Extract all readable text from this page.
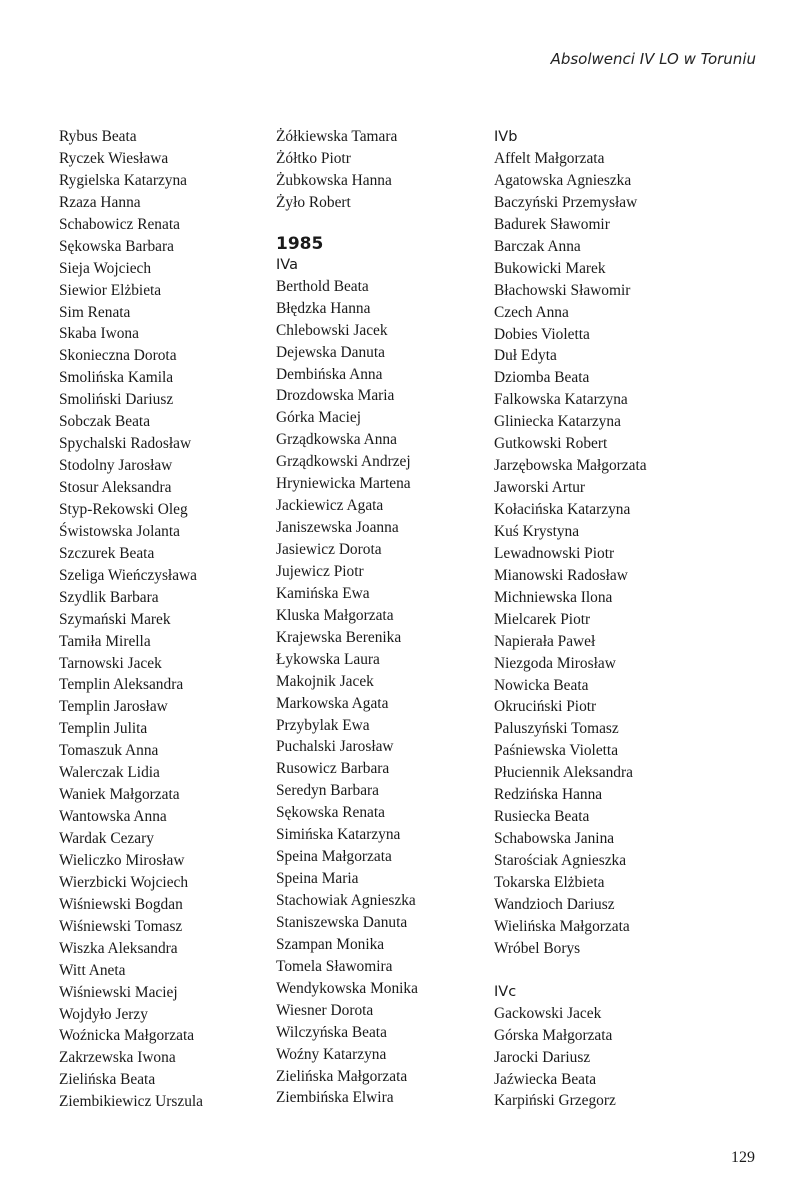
Absolwenci IV LO w Toruniu
Rybus Beata
Ryczek Wiesława
Rygielska Katarzyna
Rzaza Hanna
Schabowicz Renata
Sękowska Barbara
Sieja Wojciech
Siewior Elżbieta
Sim Renata
Skaba Iwona
Skonieczna Dorota
Smolińska Kamila
Smoliński Dariusz
Sobczak Beata
Spychalski Radosław
Stodolny Jarosław
Stosur Aleksandra
Styp-Rekowski Oleg
Świstowska Jolanta
Szczurek Beata
Szeliga Wieńczysława
Szydlik Barbara
Szymański Marek
Tamiła Mirella
Tarnowski Jacek
Templin Aleksandra
Templin Jarosław
Templin Julita
Tomaszuk Anna
Walerczak Lidia
Waniek Małgorzata
Wantowska Anna
Wardak Cezary
Wieliczko Mirosław
Wierzbicki Wojciech
Wiśniewski Bogdan
Wiśniewski Tomasz
Wiszka Aleksandra
Witt Aneta
Wiśniewski Maciej
Wojdyło Jerzy
Woźnicka Małgorzata
Zakrzewska Iwona
Zielińska Beata
Ziembikiewicz Urszula
Żółkiewska Tamara
Żółtko Piotr
Żubkowska Hanna
Żyło Robert
1985
IVa
Berthold Beata
Błędzka Hanna
Chlebowski Jacek
Dejewska Danuta
Dembińska Anna
Drozdowska Maria
Górka Maciej
Grządkowska Anna
Grządkowski Andrzej
Hryniewicka Martena
Jackiewicz Agata
Janiszewska Joanna
Jasiewicz Dorota
Jujewicz Piotr
Kamińska Ewa
Kluska Małgorzata
Krajewska Berenika
Łykowska Laura
Makojnik Jacek
Markowska Agata
Przybylak Ewa
Puchalski Jarosław
Rusowicz Barbara
Seredyn Barbara
Sękowska Renata
Simińska Katarzyna
Speina Małgorzata
Speina Maria
Stachowiak Agnieszka
Staniszewska Danuta
Szampan Monika
Tomela Sławomira
Wendykowska Monika
Wiesner Dorota
Wilczyńska Beata
Woźny Katarzyna
Zielińska Małgorzata
Ziembińska Elwira
IVb
Affelt Małgorzata
Agatowska Agnieszka
Baczyński Przemysław
Badurek Sławomir
Barczak Anna
Bukowicki Marek
Błachowski Sławomir
Czech Anna
Dobies Violetta
Duł Edyta
Dziomba Beata
Falkowska Katarzyna
Gliniecka Katarzyna
Gutkowski Robert
Jarzębowska Małgorzata
Jaworski Artur
Kołacińska Katarzyna
Kuś Krystyna
Lewadnowski Piotr
Mianowski Radosław
Michniewska Ilona
Mielcarek Piotr
Napierała Paweł
Niezgoda Mirosław
Nowicka Beata
Okruciński Piotr
Paluszyński Tomasz
Paśniewska Violetta
Płuciennik Aleksandra
Redzińska Hanna
Rusiecka Beata
Schabowska Janina
Starościak Agnieszka
Tokarska Elżbieta
Wandzioch Dariusz
Wielińska Małgorzata
Wróbel Borys
IVc
Gackowski Jacek
Górska Małgorzata
Jarocki Dariusz
Jaźwiecka Beata
Karpiński Grzegorz
129
